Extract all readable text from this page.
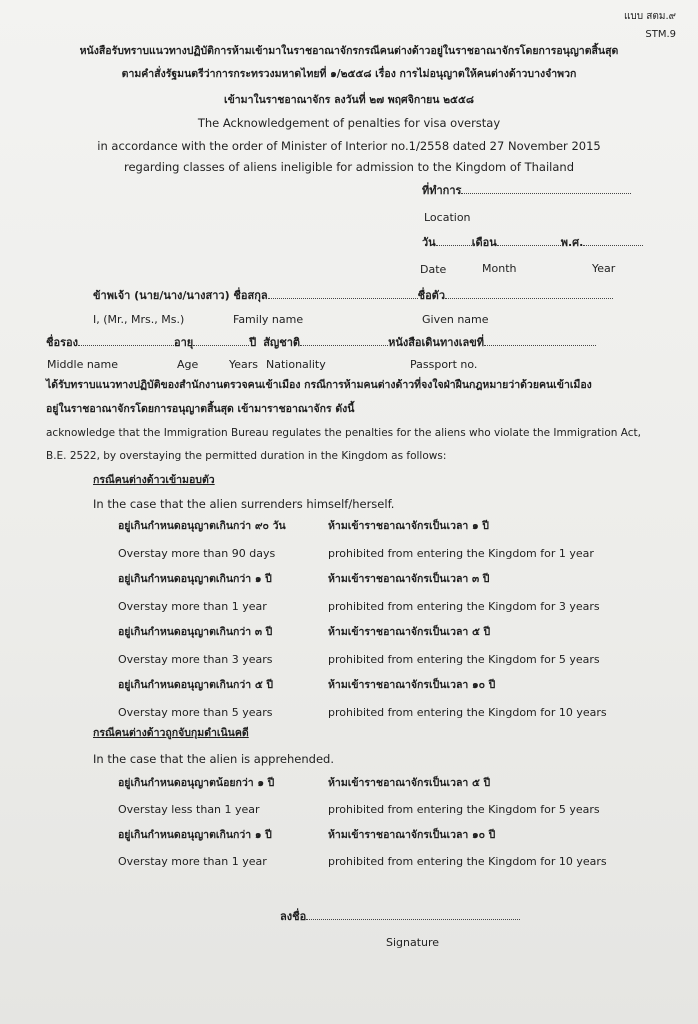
แบบ สตม.๙
STM.9
หนังสือรับทราบแนวทางปฏิบัติการห้ามเข้ามาในราชอาณาจักรกรณีคนต่างด้าวอยู่ในราชอาณาจักรโดยการอนุญาตสิ้นสุด
ตามคำสั่งรัฐมนตรีว่าการกระทรวงมหาดไทยที่ ๑/๒๕๕๘ เรื่อง การไม่อนุญาตให้คนต่างด้าวบางจำพวก
เข้ามาในราชอาณาจักร ลงวันที่ ๒๗ พฤศจิกายน ๒๕๕๘
The Acknowledgement of penalties for visa overstay
in accordance with the order of Minister of Interior no.1/2558 dated 27 November 2015
regarding classes of aliens ineligible for admission to the Kingdom of Thailand
ที่ทำการ
Location
วัน	เดือน	พ.ศ.
Date	Month	Year
ข้าพเจ้า (นาย/นาง/นางสาว) ชื่อสกุล	ชื่อตัว
I, (Mr., Mrs., Ms.)	Family name	Given name
ชื่อรอง	อายุ	ปี สัญชาติ	หนังสือเดินทางเลขที่
Middle name	Age	Years Nationality	Passport no.
ได้รับทราบแนวทางปฏิบัติของสำนักงานตรวจคนเข้าเมือง กรณีการห้ามคนต่างด้าวที่จงใจฝ่าฝืนกฎหมายว่าด้วยคนเข้าเมือง
อยู่ในราชอาณาจักรโดยการอนุญาตสิ้นสุด เข้ามาราชอาณาจักร ดังนี้
acknowledge that the Immigration Bureau regulates the penalties for the aliens who violate the Immigration Act,
B.E. 2522, by overstaying the permitted duration in the Kingdom as follows:
กรณีคนต่างด้าวเข้ามอบตัว
In the case that the alien surrenders himself/herself.
อยู่เกินกำหนดอนุญาตเกินกว่า ๙๐ วัน	ห้ามเข้าราชอาณาจักรเป็นเวลา ๑ ปี
Overstay more than 90 days	prohibited from entering the Kingdom for 1 year
อยู่เกินกำหนดอนุญาตเกินกว่า ๑ ปี	ห้ามเข้าราชอาณาจักรเป็นเวลา ๓ ปี
Overstay more than 1 year	prohibited from entering the Kingdom for 3 years
อยู่เกินกำหนดอนุญาตเกินกว่า ๓ ปี	ห้ามเข้าราชอาณาจักรเป็นเวลา ๕ ปี
Overstay more than 3 years	prohibited from entering the Kingdom for 5 years
อยู่เกินกำหนดอนุญาตเกินกว่า ๕ ปี	ห้ามเข้าราชอาณาจักรเป็นเวลา ๑๐ ปี
Overstay more than 5 years	prohibited from entering the Kingdom for 10 years
กรณีคนต่างด้าวถูกจับกุมดำเนินคดี
In the case that the alien is apprehended.
อยู่เกินกำหนดอนุญาตน้อยกว่า ๑ ปี	ห้ามเข้าราชอาณาจักรเป็นเวลา ๕ ปี
Overstay less than 1 year	prohibited from entering the Kingdom for 5 years
อยู่เกินกำหนดอนุญาตเกินกว่า ๑ ปี	ห้ามเข้าราชอาณาจักรเป็นเวลา ๑๐ ปี
Overstay more than 1 year	prohibited from entering the Kingdom for 10 years
ลงชื่อ
Signature
